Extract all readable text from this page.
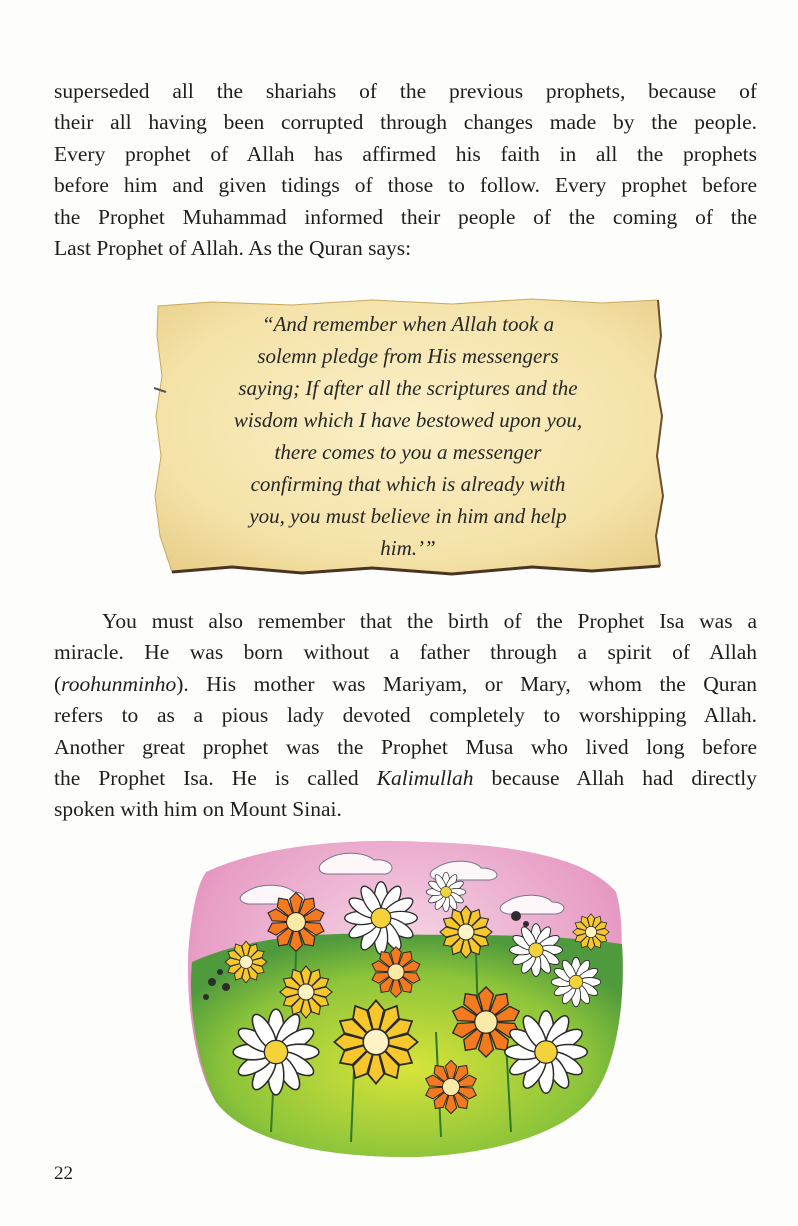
superseded all the shariahs of the previous prophets, because of
their all having been corrupted through changes made by the people.
Every prophet of Allah has affirmed his faith in all the prophets
before him and given tidings of those to follow. Every prophet before
the Prophet Muhammad informed their people of the coming of the
Last Prophet of Allah. As the Quran says:

“And remember when Allah took a
solemn pledge from His messengers
saying; If after all the scriptures and the
wisdom which I have bestowed upon you,
there comes to you a messenger
confirming that which is already with
you, you must believe in him and help
him.’”

You must also remember that the birth of the Prophet Isa was a
miracle. He was born without a father through a spirit of Allah
(roohunminho). His mother was Mariyam, or Mary, whom the Quran
refers to as a pious lady devoted completely to worshipping Allah.
Another great prophet was the Prophet Musa who lived long before
the Prophet Isa. He is called Kalimullah because Allah had directly
spoken with him on Mount Sinai.

22
